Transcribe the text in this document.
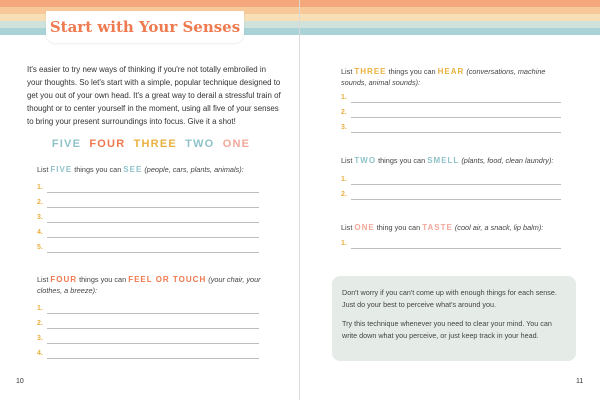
Start with Your Senses
It's easier to try new ways of thinking if you're not totally embroiled in your thoughts. So let's start with a simple, popular technique designed to get you out of your own head. It's a great way to derail a stressful train of thought or to center yourself in the moment, using all five of your senses to bring your present surroundings into focus. Give it a shot!
FIVE FOUR THREE TWO ONE
List FIVE things you can SEE (people, cars, plants, animals):
1.
2.
3.
4.
5.
List FOUR things you can FEEL OR TOUCH (your chair, your clothes, a breeze):
1.
2.
3.
4.
10
List THREE things you can HEAR (conversations, machine sounds, animal sounds):
1.
2.
3.
List TWO things you can SMELL (plants, food, clean laundry):
1.
2.
List ONE thing you can TASTE (cool air, a snack, lip balm):
1.
Don't worry if you can't come up with enough things for each sense. Just do your best to perceive what's around you.
Try this technique whenever you need to clear your mind. You can write down what you perceive, or just keep track in your head.
11
